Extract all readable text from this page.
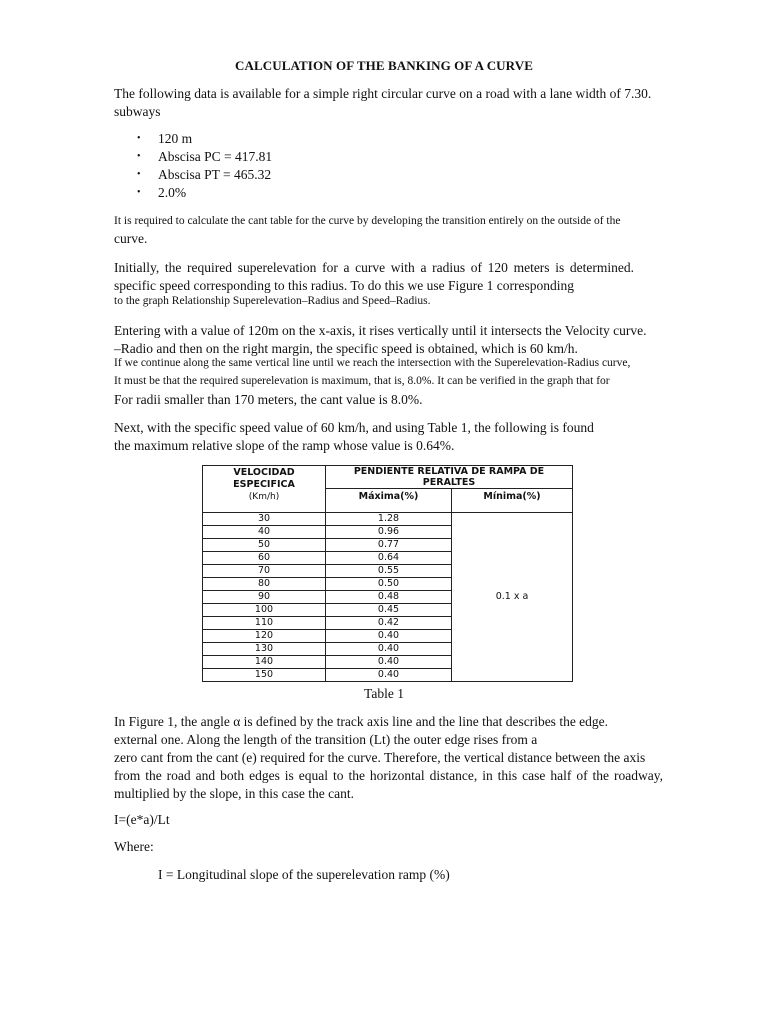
CALCULATION OF THE BANKING OF A CURVE

The following data is available for a simple right circular curve on a road with a lane width of 7.30.

subways

• 120 m

• Abscisa PC = 417.81

• Abscisa PT = 465.32

• 2.0%

It is required to calculate the cant table for the curve by developing the transition entirely on the outside of the

curve.

Initially, the required superelevation for a curve with a radius of 120 meters is determined.

specific speed corresponding to this radius. To do this we use Figure 1 corresponding

to the graph Relationship Superelevation–Radius and Speed–Radius.

Entering with a value of 120m on the x-axis, it rises vertically until it intersects the Velocity curve.

–Radio and then on the right margin, the specific speed is obtained, which is 60 km/h.

If we continue along the same vertical line until we reach the intersection with the Superelevation-Radius curve,

It must be that the required superelevation is maximum, that is, 8.0%. It can be verified in the graph that for

For radii smaller than 170 meters, the cant value is 8.0%.

Next, with the specific speed value of 60 km/h, and using Table 1, the following is found

the maximum relative slope of the ramp whose value is 0.64%.

VELOCIDAD
ESPECIFICA
(Km/h)	PENDIENTE RELATIVA DE RAMPA DE PERALTES	
	Máxima(%)	Mínima(%)
30	1.28	0.1 x a
40	0.96	
50	0.77	
60	0.64	
70	0.55	
80	0.50	
90	0.48	
100	0.45	
110	0.42	
120	0.40	
130	0.40	
140	0.40	
150	0.40	

Table 1

In Figure 1, the angle α is defined by the track axis line and the line that describes the edge.

external one. Along the length of the transition (Lt) the outer edge rises from a

zero cant from the cant (e) required for the curve. Therefore, the vertical distance between the axis

from the road and both edges is equal to the horizontal distance, in this case half of the roadway,

multiplied by the slope, in this case the cant.

I=(e*a)/Lt

Where:

I = Longitudinal slope of the superelevation ramp (%)
